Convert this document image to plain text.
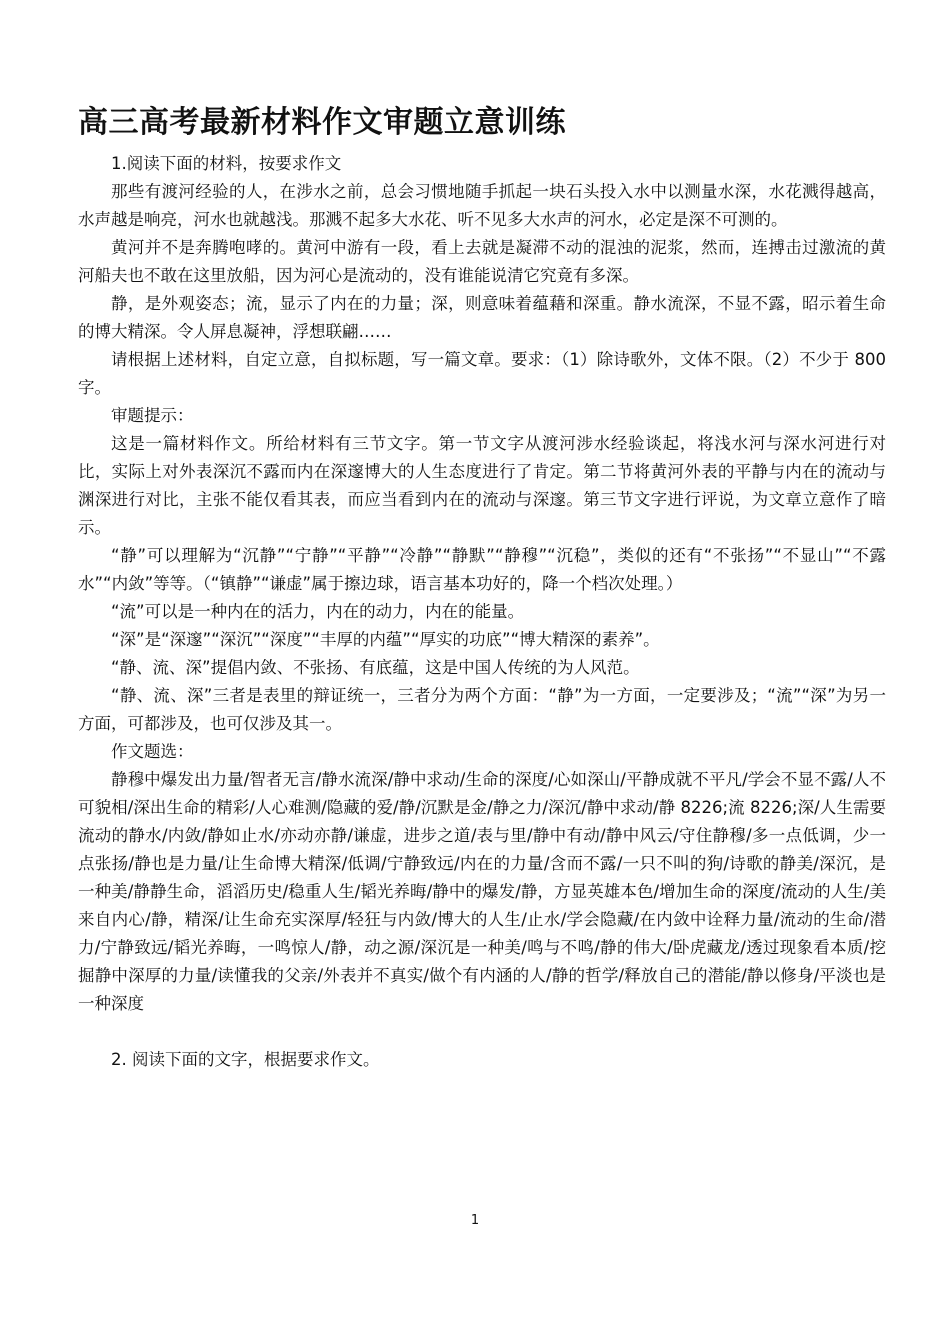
高三高考最新材料作文审题立意训练

1.阅读下面的材料，按要求作文

那些有渡河经验的人，在涉水之前，总会习惯地随手抓起一块石头投入水中以测量水深，水花溅得越高，水声越是响亮，河水也就越浅。那溅不起多大水花、听不见多大水声的河水，必定是深不可测的。

黄河并不是奔腾咆哮的。黄河中游有一段，看上去就是凝滞不动的混浊的泥浆，然而，连搏击过激流的黄河船夫也不敢在这里放船，因为河心是流动的，没有谁能说清它究竟有多深。

静，是外观姿态；流，显示了内在的力量；深，则意味着蕴藉和深重。静水流深，不显不露，昭示着生命的博大精深。令人屏息凝神，浮想联翩……

请根据上述材料，自定立意，自拟标题，写一篇文章。要求：（1）除诗歌外，文体不限。（2）不少于 800 字。

审题提示：

这是一篇材料作文。所给材料有三节文字。第一节文字从渡河涉水经验谈起，将浅水河与深水河进行对比，实际上对外表深沉不露而内在深邃博大的人生态度进行了肯定。第二节将黄河外表的平静与内在的流动与渊深进行对比，主张不能仅看其表，而应当看到内在的流动与深邃。第三节文字进行评说，为文章立意作了暗示。

“静”可以理解为“沉静”“宁静”“平静”“冷静”“静默”“静穆”“沉稳”，类似的还有“不张扬”“不显山”“不露水”“内敛”等等。（“镇静”“谦虚”属于擦边球，语言基本功好的，降一个档次处理。）

“流”可以是一种内在的活力，内在的动力，内在的能量。

“深”是“深邃”“深沉”“深度”“丰厚的内蕴”“厚实的功底”“博大精深的素养”。

“静、流、深”提倡内敛、不张扬、有底蕴，这是中国人传统的为人风范。

“静、流、深”三者是表里的辩证统一，三者分为两个方面：“静”为一方面，一定要涉及；“流”“深”为另一方面，可都涉及，也可仅涉及其一。

作文题选：

静穆中爆发出力量/智者无言/静水流深/静中求动/生命的深度/心如深山/平静成就不平凡/学会不显不露/人不可貌相/深出生命的精彩/人心难测/隐藏的爱/静/沉默是金/静之力/深沉/静中求动/静 8226;流 8226;深/人生需要流动的静水/内敛/静如止水/亦动亦静/谦虚，进步之道/表与里/静中有动/静中风云/守住静穆/多一点低调，少一点张扬/静也是力量/让生命博大精深/低调/宁静致远/内在的力量/含而不露/一只不叫的狗/诗歌的静美/深沉，是一种美/静静生命，滔滔历史/稳重人生/韬光养晦/静中的爆发/静，方显英雄本色/增加生命的深度/流动的人生/美来自内心/静，精深/让生命充实深厚/轻狂与内敛/博大的人生/止水/学会隐藏/在内敛中诠释力量/流动的生命/潜力/宁静致远/韬光养晦，一鸣惊人/静，动之源/深沉是一种美/鸣与不鸣/静的伟大/卧虎藏龙/透过现象看本质/挖掘静中深厚的力量/读懂我的父亲/外表并不真实/做个有内涵的人/静的哲学/释放自己的潜能/静以修身/平淡也是一种深度

2. 阅读下面的文字，根据要求作文。

1
